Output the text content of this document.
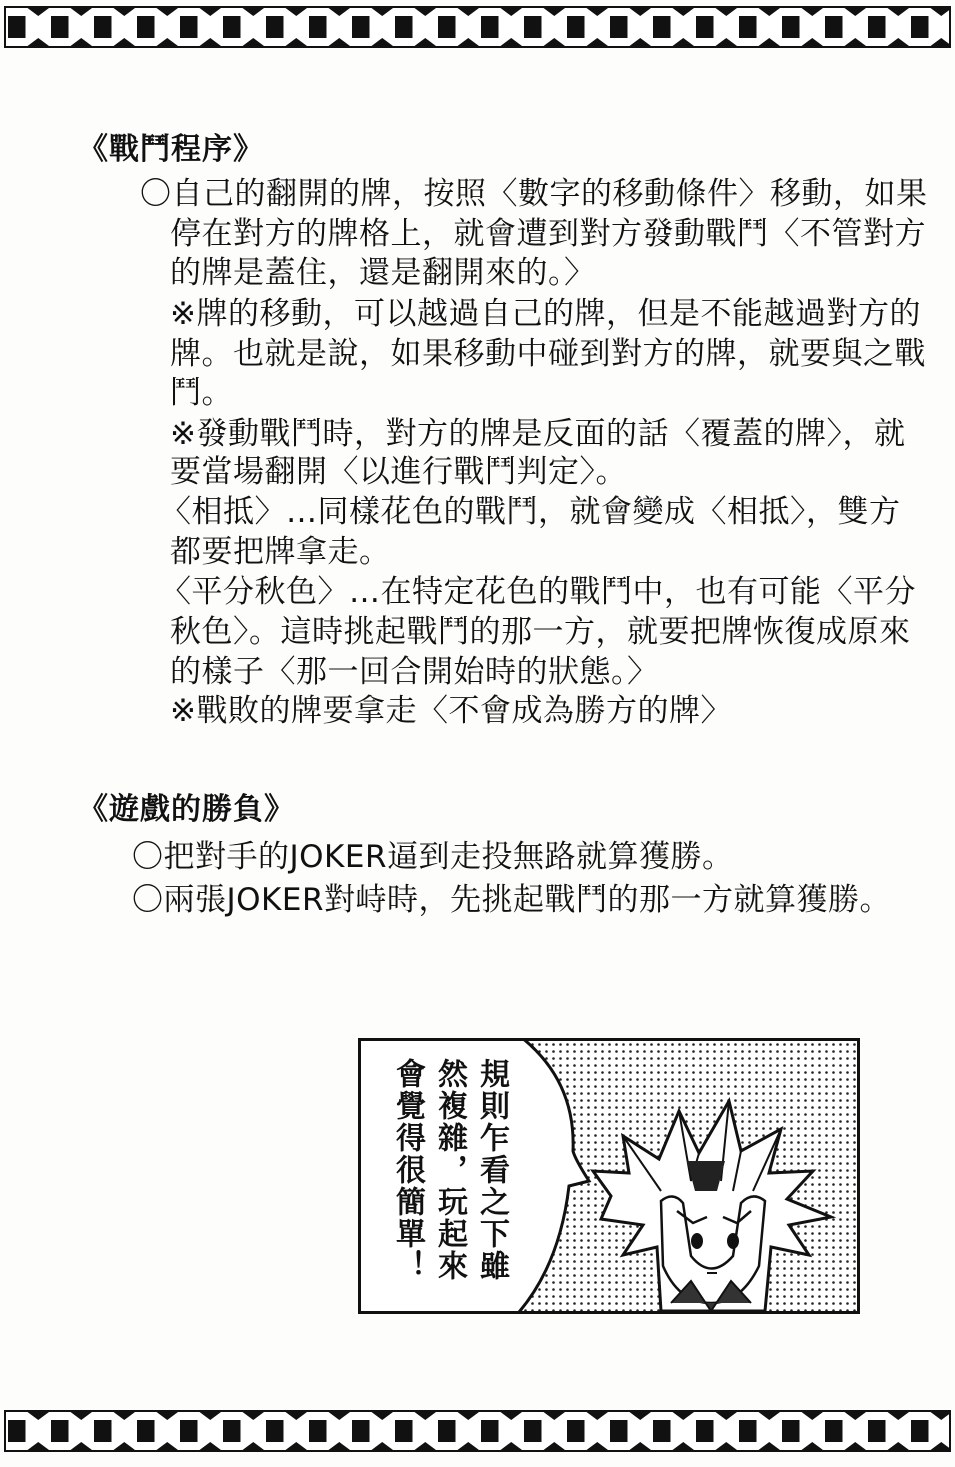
《戰鬥程序》
〇自己的翻開的牌，按照〈數字的移動條件〉移動，如果
停在對方的牌格上，就會遭到對方發動戰鬥〈不管對方
的牌是蓋住，還是翻開來的。〉
※牌的移動，可以越過自己的牌，但是不能越過對方的
牌。也就是說，如果移動中碰到對方的牌，就要與之戰
鬥。
※發動戰鬥時，對方的牌是反面的話〈覆蓋的牌〉，就
要當場翻開〈以進行戰鬥判定〉。
〈相抵〉…同樣花色的戰鬥，就會變成〈相抵〉，雙方
都要把牌拿走。
〈平分秋色〉…在特定花色的戰鬥中，也有可能〈平分
秋色〉。這時挑起戰鬥的那一方，就要把牌恢復成原來
的樣子〈那一回合開始時的狀態。〉
※戰敗的牌要拿走〈不會成為勝方的牌〉
《遊戲的勝負》
〇把對手的JOKER逼到走投無路就算獲勝。
〇兩張JOKER對峙時，先挑起戰鬥的那一方就算獲勝。
規則乍看之下雖
然複雜，玩起來
會覺得很簡單！
